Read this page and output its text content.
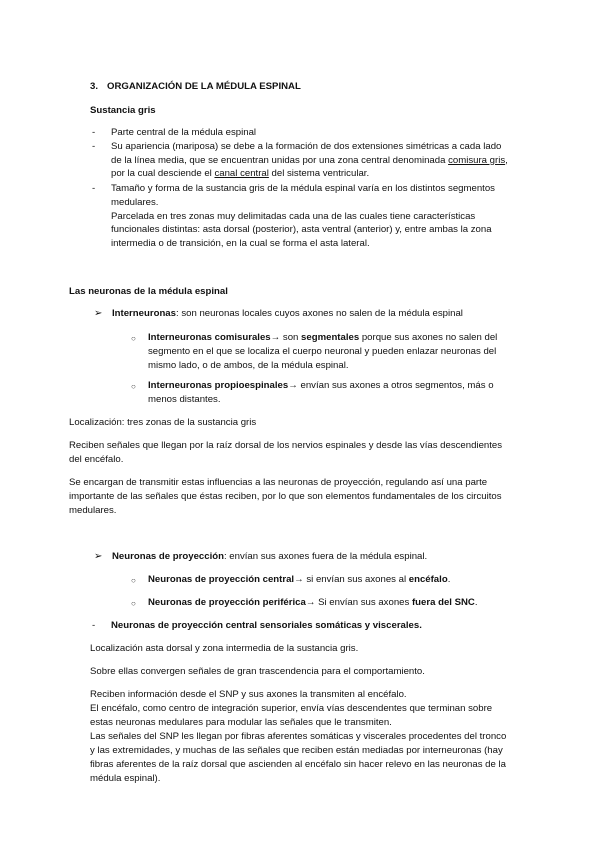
3. ORGANIZACIÓN DE LA MÉDULA ESPINAL
Sustancia gris
- Parte central de la médula espinal
- Su apariencia (mariposa) se debe a la formación de dos extensiones simétricas a cada lado
de la línea media, que se encuentran unidas por una zona central denominada comisura gris,
por la cual desciende el canal central del sistema ventricular.
- Tamaño y forma de la sustancia gris de la médula espinal varía en los distintos segmentos
medulares.
Parcelada en tres zonas muy delimitadas cada una de las cuales tiene características
funcionales distintas: asta dorsal (posterior), asta ventral (anterior) y, entre ambas la zona
intermedia o de transición, en la cual se forma el asta lateral.
Las neuronas de la médula espinal
➢ Interneuronas: son neuronas locales cuyos axones no salen de la médula espinal
○ Interneuronas comisurales→ son segmentales porque sus axones no salen del
segmento en el que se localiza el cuerpo neuronal y pueden enlazar neuronas del
mismo lado, o de ambos, de la médula espinal.
○ Interneuronas propioespinales→ envían sus axones a otros segmentos, más o
menos distantes.
Localización: tres zonas de la sustancia gris
Reciben señales que llegan por la raíz dorsal de los nervios espinales y desde las vías descendientes
del encéfalo.
Se encargan de transmitir estas influencias a las neuronas de proyección, regulando así una parte
importante de las señales que éstas reciben, por lo que son elementos fundamentales de los circuitos
medulares.
➢ Neuronas de proyección: envían sus axones fuera de la médula espinal.
○ Neuronas de proyección central→ si envían sus axones al encéfalo.
○ Neuronas de proyección periférica→ Si envían sus axones fuera del SNC.
- Neuronas de proyección central sensoriales somáticas y viscerales.
Localización asta dorsal y zona intermedia de la sustancia gris.
Sobre ellas convergen señales de gran trascendencia para el comportamiento.
Reciben información desde el SNP y sus axones la transmiten al encéfalo.
El encéfalo, como centro de integración superior, envía vías descendentes que terminan sobre
estas neuronas medulares para modular las señales que le transmiten.
Las señales del SNP les llegan por fibras aferentes somáticas y viscerales procedentes del tronco
y las extremidades, y muchas de las señales que reciben están mediadas por interneuronas (hay
fibras aferentes de la raíz dorsal que ascienden al encéfalo sin hacer relevo en las neuronas de la
médula espinal).
